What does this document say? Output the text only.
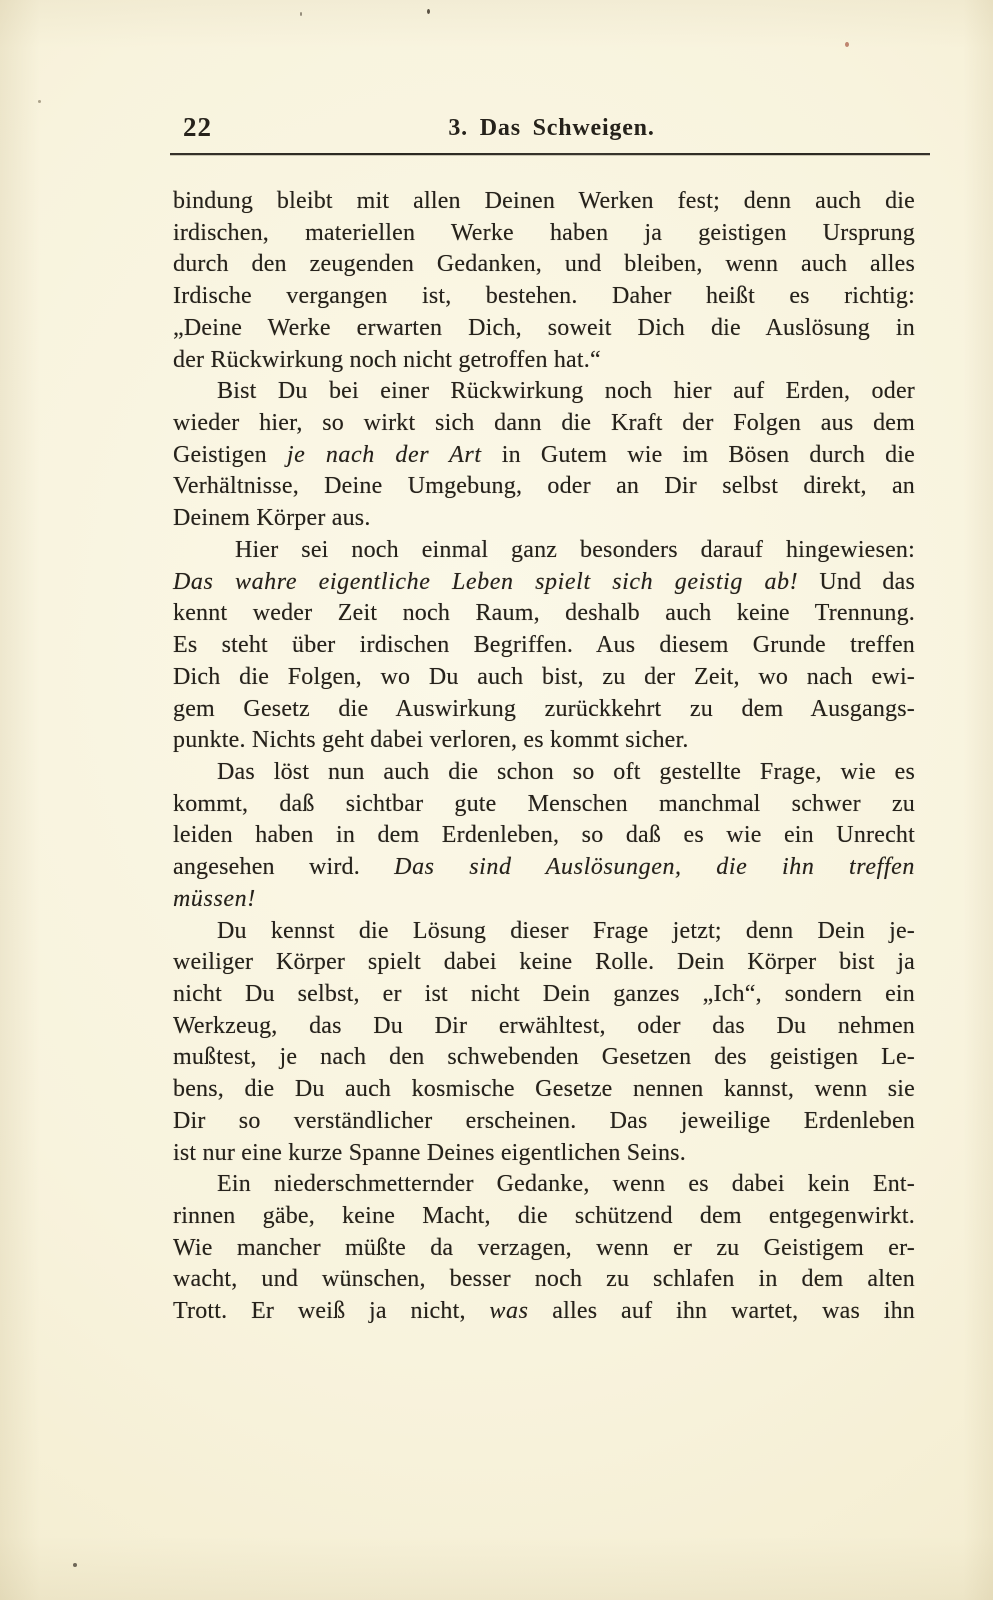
22	3. Das Schweigen.
bindung bleibt mit allen Deinen Werken fest; denn auch die
irdischen, materiellen Werke haben ja geistigen Ursprung
durch den zeugenden Gedanken, und bleiben, wenn auch alles
Irdische vergangen ist, bestehen. Daher heißt es richtig:
„Deine Werke erwarten Dich, soweit Dich die Auslösung in
der Rückwirkung noch nicht getroffen hat.“
Bist Du bei einer Rückwirkung noch hier auf Erden, oder
wieder hier, so wirkt sich dann die Kraft der Folgen aus dem
Geistigen je nach der Art in Gutem wie im Bösen durch die
Verhältnisse, Deine Umgebung, oder an Dir selbst direkt, an
Deinem Körper aus.
Hier sei noch einmal ganz besonders darauf hingewiesen:
Das wahre eigentliche Leben spielt sich geistig ab! Und das
kennt weder Zeit noch Raum, deshalb auch keine Trennung.
Es steht über irdischen Begriffen. Aus diesem Grunde treffen
Dich die Folgen, wo Du auch bist, zu der Zeit, wo nach ewi-
gem Gesetz die Auswirkung zurückkehrt zu dem Ausgangs-
punkte. Nichts geht dabei verloren, es kommt sicher.
Das löst nun auch die schon so oft gestellte Frage, wie es
kommt, daß sichtbar gute Menschen manchmal schwer zu
leiden haben in dem Erdenleben, so daß es wie ein Unrecht
angesehen wird. Das sind Auslösungen, die ihn treffen
müssen!
Du kennst die Lösung dieser Frage jetzt; denn Dein je-
weiliger Körper spielt dabei keine Rolle. Dein Körper bist ja
nicht Du selbst, er ist nicht Dein ganzes „Ich“, sondern ein
Werkzeug, das Du Dir erwähltest, oder das Du nehmen
mußtest, je nach den schwebenden Gesetzen des geistigen Le-
bens, die Du auch kosmische Gesetze nennen kannst, wenn sie
Dir so verständlicher erscheinen. Das jeweilige Erdenleben
ist nur eine kurze Spanne Deines eigentlichen Seins.
Ein niederschmetternder Gedanke, wenn es dabei kein Ent-
rinnen gäbe, keine Macht, die schützend dem entgegenwirkt.
Wie mancher müßte da verzagen, wenn er zu Geistigem er-
wacht, und wünschen, besser noch zu schlafen in dem alten
Trott. Er weiß ja nicht, was alles auf ihn wartet, was ihn
